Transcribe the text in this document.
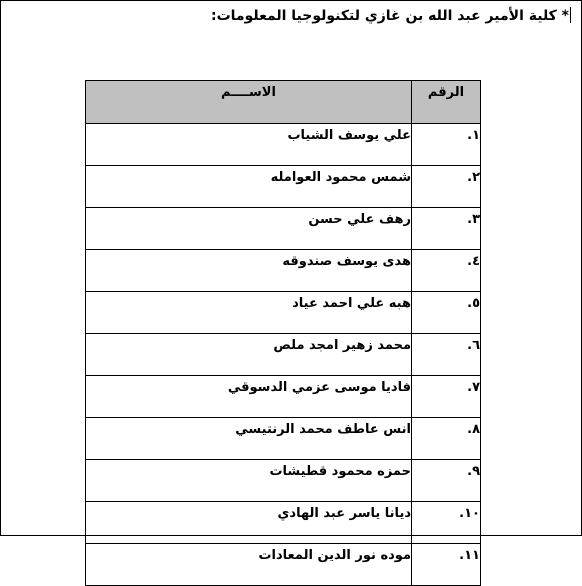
* كلية الأمير عبد الله بن غازي لتكنولوجيا المعلومات:
الرقم	الاســــم
١.	علي يوسف الشياب
٢.	شمس محمود العوامله
٣.	رهف علي حسن
٤.	هدى يوسف صندوقه
٥.	هبه علي احمد عياد
٦.	محمد زهير امجد ملص
٧.	فاديا موسى عزمي الدسوقي
٨.	انس عاطف محمد الرنتيسي
٩.	حمزه محمود قطيشات
١٠.	ديانا ياسر عبد الهادي
١١.	موده نور الدين المعادات
